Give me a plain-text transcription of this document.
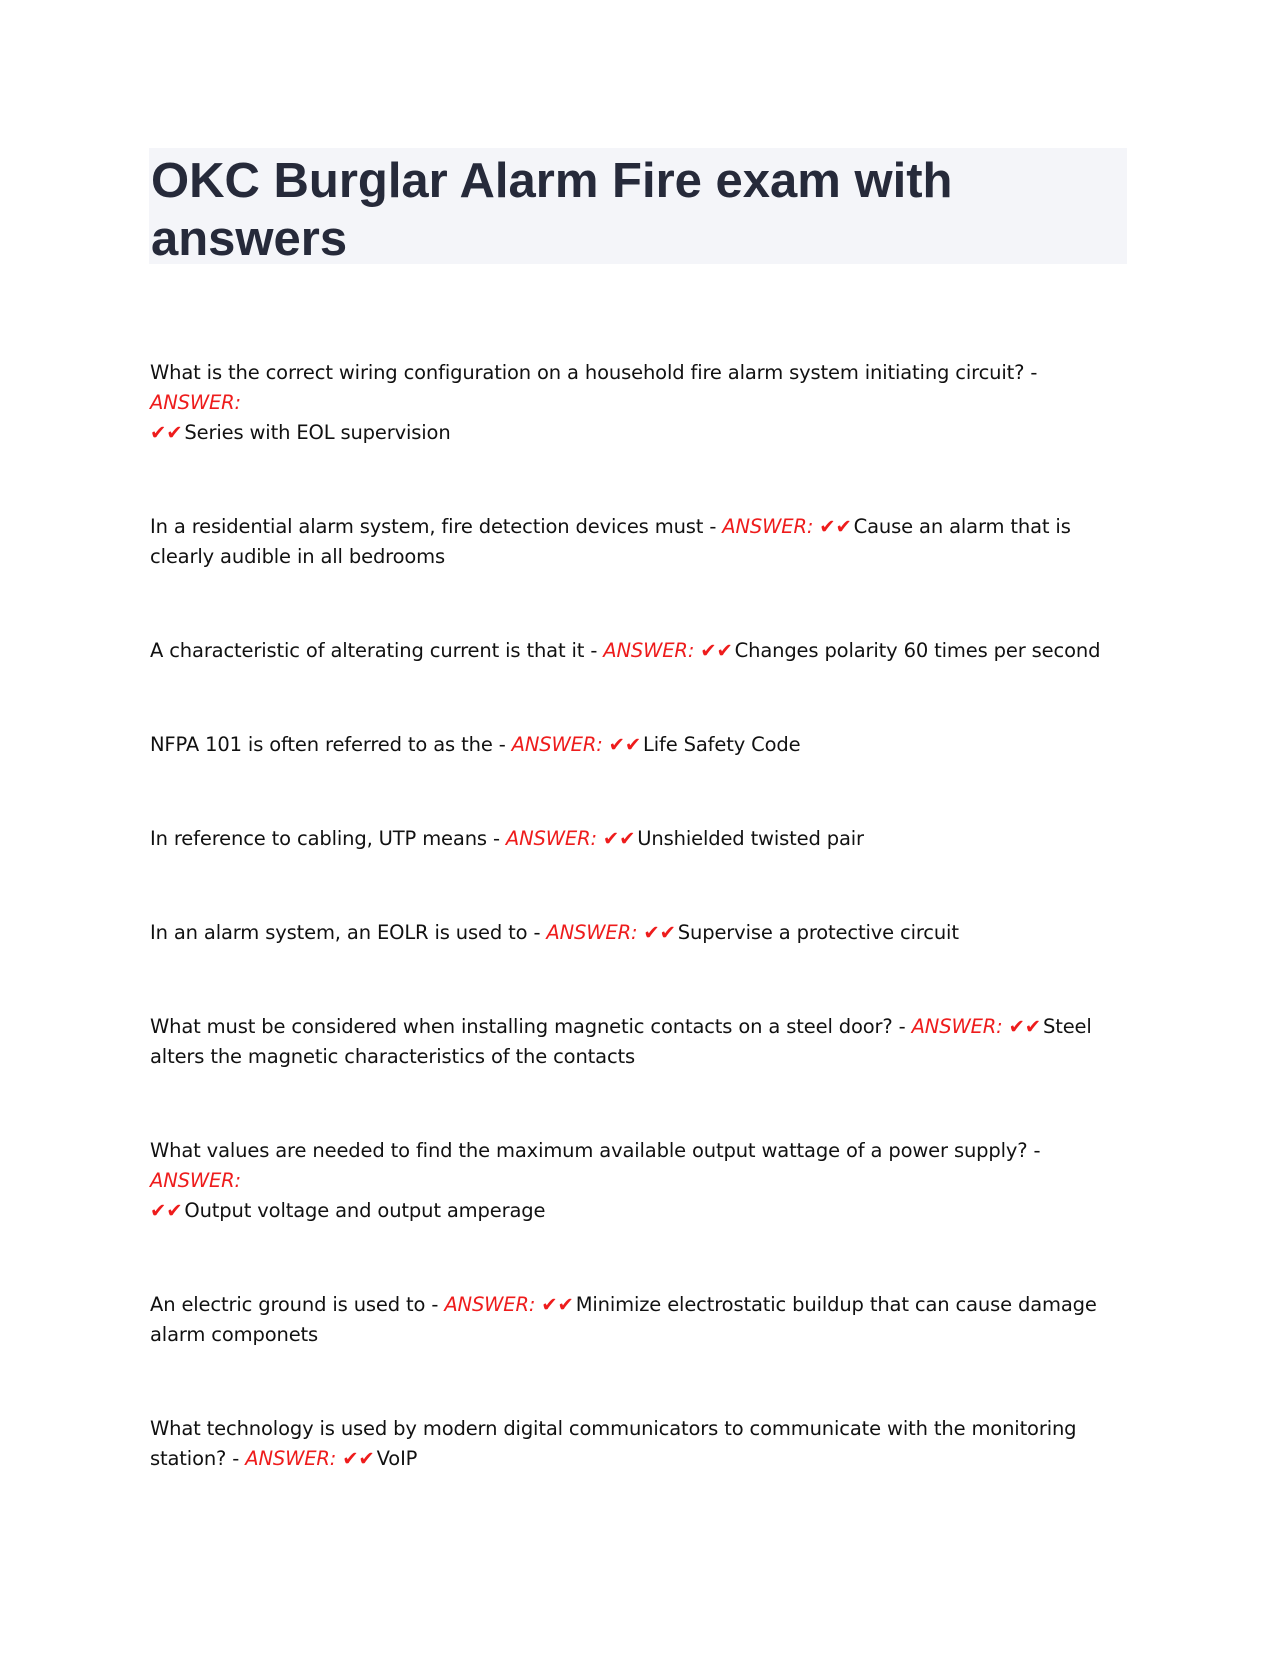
OKC Burglar Alarm Fire exam with answers
What is the correct wiring configuration on a household fire alarm system initiating circuit? - ANSWER:
✔✔ Series with EOL supervision
In a residential alarm system, fire detection devices must - ANSWER: ✔✔ Cause an alarm that is clearly audible in all bedrooms
A characteristic of alterating current is that it - ANSWER: ✔✔ Changes polarity 60 times per second
NFPA 101 is often referred to as the - ANSWER: ✔✔ Life Safety Code
In reference to cabling, UTP means - ANSWER: ✔✔ Unshielded twisted pair
In an alarm system, an EOLR is used to - ANSWER: ✔✔ Supervise a protective circuit
What must be considered when installing magnetic contacts on a steel door? - ANSWER: ✔✔ Steel alters the magnetic characteristics of the contacts
What values are needed to find the maximum available output wattage of a power supply? - ANSWER:
✔✔ Output voltage and output amperage
An electric ground is used to - ANSWER: ✔✔ Minimize electrostatic buildup that can cause damage alarm componets
What technology is used by modern digital communicators to communicate with the monitoring station? - ANSWER: ✔✔ VoIP
